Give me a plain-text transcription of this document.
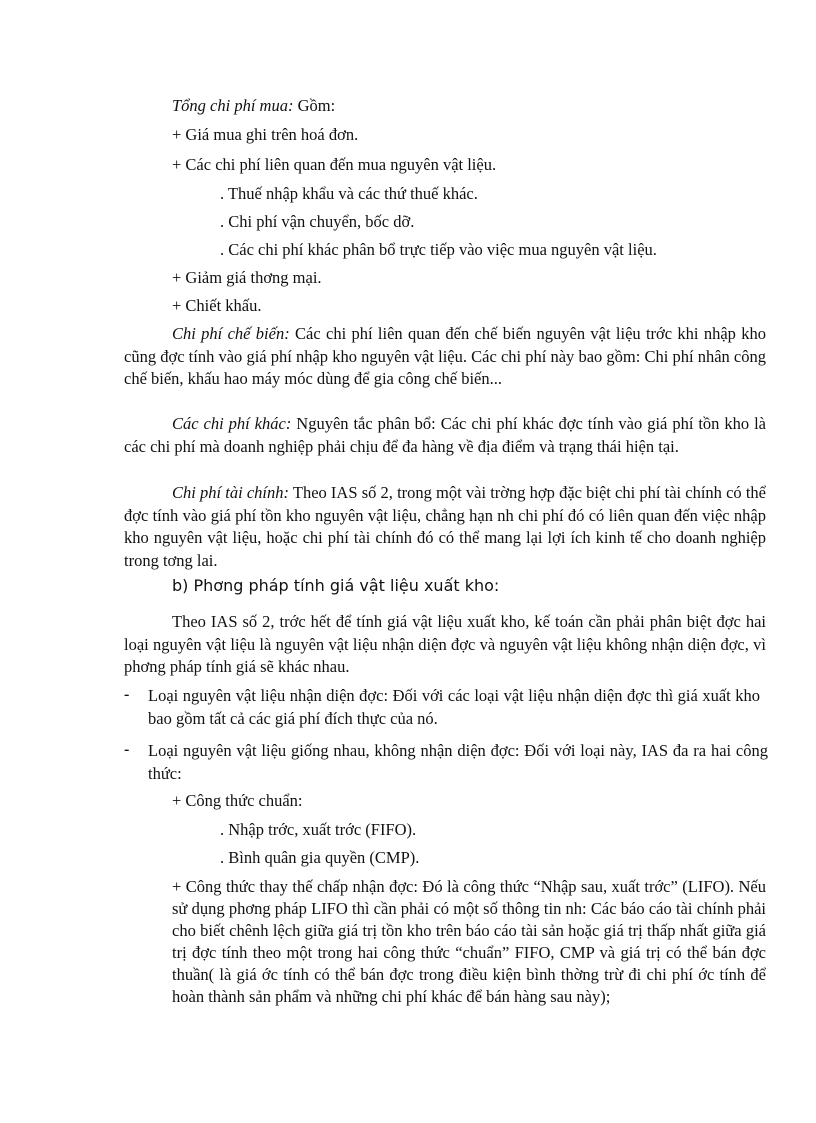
Tổng chi phí mua: Gồm:
+ Giá mua ghi trên hoá đơn.
+ Các chi phí liên quan đến mua nguyên vật liệu.
. Thuế nhập khẩu và các thứ thuế khác.
. Chi phí vận chuyển, bốc dỡ.
. Các chi phí khác phân bổ trực tiếp vào việc mua nguyên vật liệu.
+ Giảm giá thơng mại.
+ Chiết khấu.
Chi phí chế biến: Các chi phí liên quan đến chế biến nguyên vật liệu trớc khi nhập kho cũng đợc tính vào giá phí nhập kho nguyên vật liệu. Các chi phí này bao gồm: Chi phí nhân công chế biến, khấu hao máy móc dùng để gia công chế biến...
Các chi phí khác: Nguyên tắc phân bổ: Các chi phí khác đợc tính vào giá phí tồn kho là các chi phí mà doanh nghiệp phải chịu để đa hàng về địa điểm và trạng thái hiện tại.
Chi phí tài chính: Theo IAS số 2, trong một vài trờng hợp đặc biệt chi phí tài chính có thể đợc tính vào giá phí tồn kho nguyên vật liệu, chẳng hạn nh chi phí đó có liên quan đến việc nhập kho nguyên vật liệu, hoặc chi phí tài chính đó có thể mang lại lợi ích kinh tế cho doanh nghiệp trong tơng lai.
b) Phơng pháp tính giá vật liệu xuất kho:
Theo IAS số 2, trớc hết để tính giá vật liệu xuất kho, kế toán cần phải phân biệt đợc hai loại nguyên vật liệu là nguyên vật liệu nhận diện đợc và nguyên vật liệu không nhận diện đợc, vì phơng pháp tính giá sẽ khác nhau.
- Loại nguyên vật liệu nhận diện đợc: Đối với các loại vật liệu nhận diện đợc thì giá xuất kho bao gồm tất cả các giá phí đích thực của nó.
- Loại nguyên vật liệu giống nhau, không nhận diện đợc: Đối với loại này, IAS đa ra hai công thức:
+ Công thức chuẩn:
. Nhập trớc, xuất trớc (FIFO).
. Bình quân gia quyền (CMP).
+ Công thức thay thế chấp nhận đợc: Đó là công thức “Nhập sau, xuất trớc” (LIFO). Nếu sử dụng phơng pháp LIFO thì cần phải có một số thông tin nh: Các báo cáo tài chính phải cho biết chênh lệch giữa giá trị tồn kho trên báo cáo tài sản hoặc giá trị thấp nhất giữa giá trị đợc tính theo một trong hai công thức “chuẩn” FIFO, CMP và giá trị có thể bán đợc thuần( là giá ớc tính có thể bán đợc trong điều kiện bình thờng trừ đi chi phí ớc tính để hoàn thành sản phẩm và những chi phí khác để bán hàng sau này);
